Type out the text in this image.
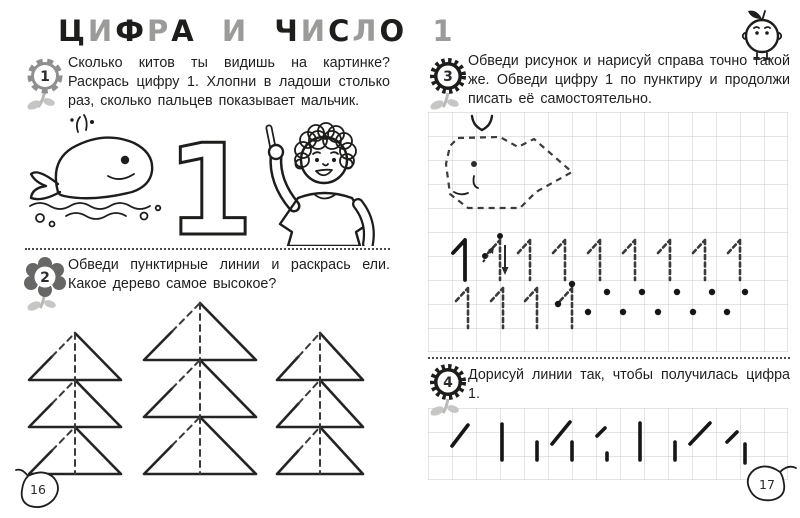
ЦИФРА И ЧИСЛО 1
1
Сколько китов ты видишь на картинке? Раскрась цифру 1. Хлопни в ладоши столько раз, сколько пальцев показывает мальчик.
1
2
Обведи пунктирные линии и раскрась ели. Какое дерево самое высокое?
16
3
Обведи рисунок и нарисуй справа точно такой же. Обведи цифру 1 по пунктиру и продолжи писать её самостоятельно.
4 Дорисуй линии так, чтобы получилась цифра 1.
17
